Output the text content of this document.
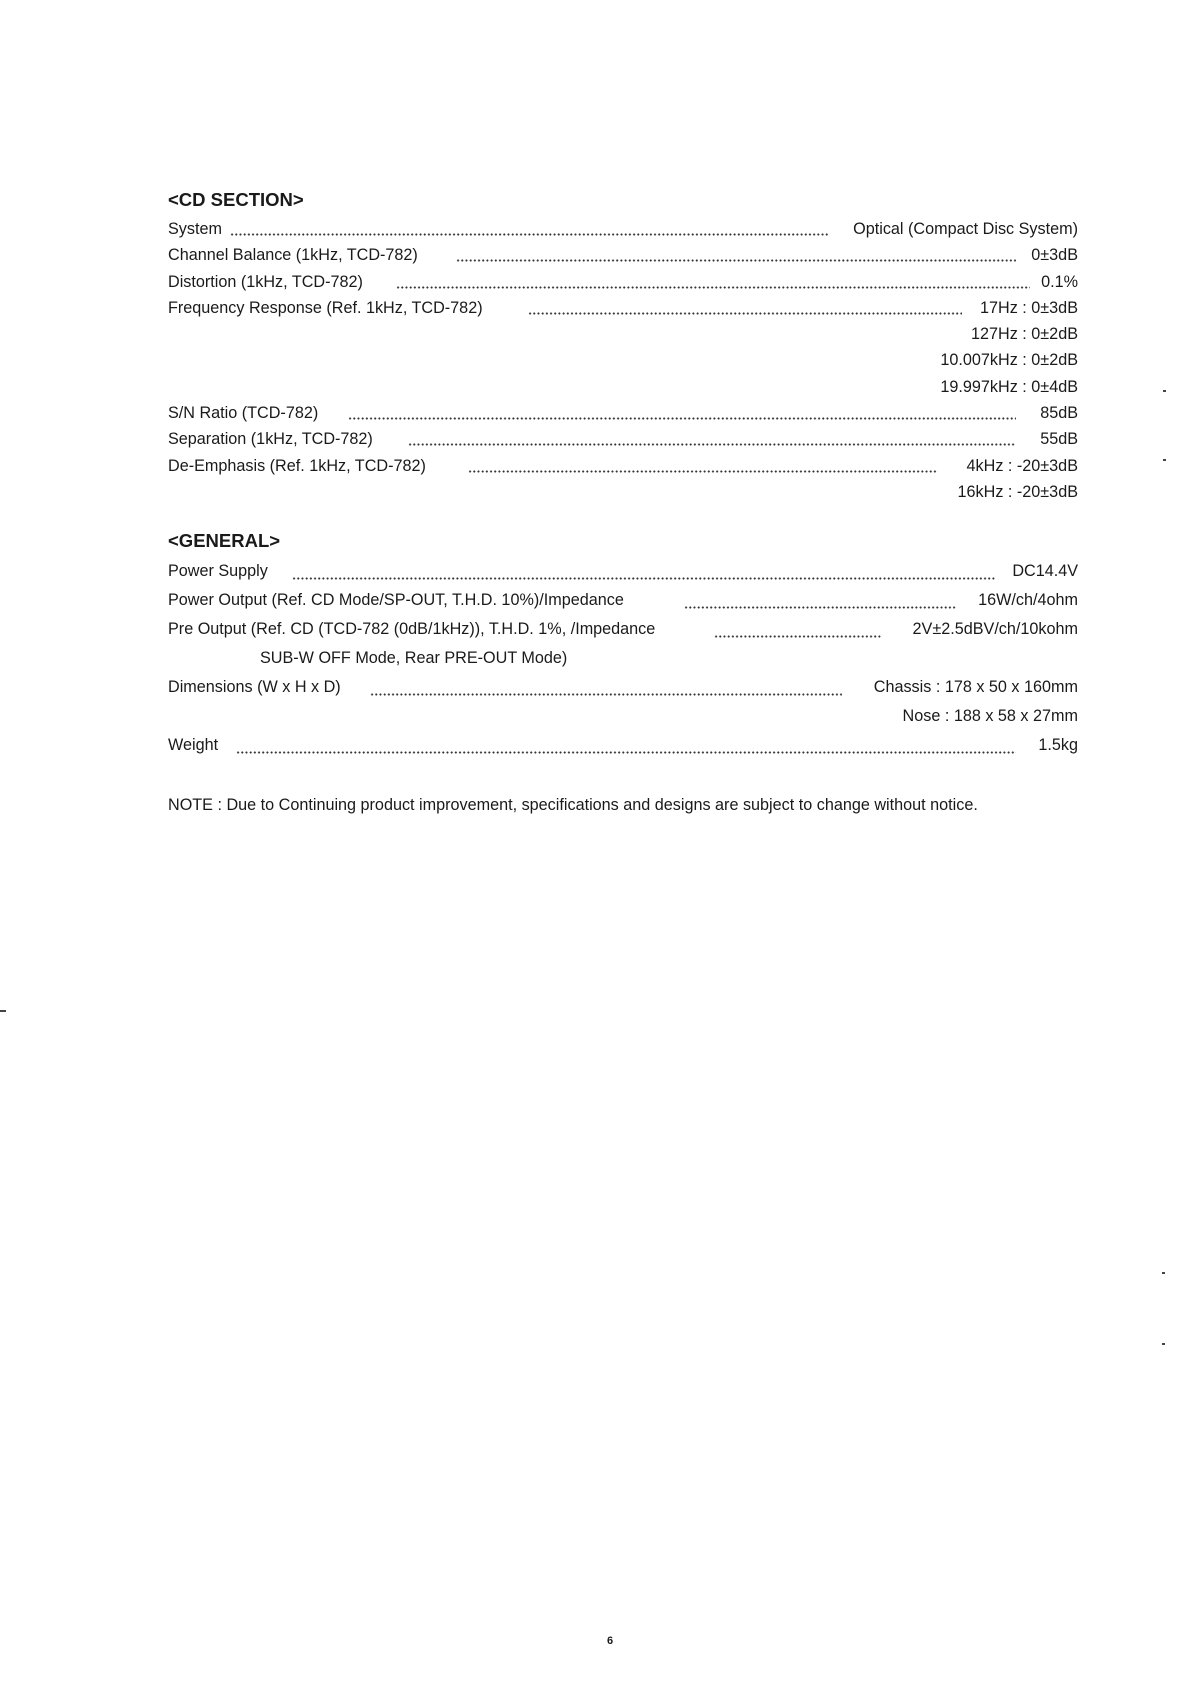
<CD SECTION>
System	Optical (Compact Disc System)
Channel Balance (1kHz, TCD-782)	0±3dB
Distortion (1kHz, TCD-782)	0.1%
Frequency Response (Ref. 1kHz, TCD-782)	17Hz : 0±3dB
127Hz : 0±2dB
10.007kHz : 0±2dB
19.997kHz : 0±4dB
S/N Ratio (TCD-782)	85dB
Separation (1kHz, TCD-782)	55dB
De-Emphasis (Ref. 1kHz, TCD-782)	4kHz : -20±3dB
16kHz : -20±3dB
<GENERAL>
Power Supply	DC14.4V
Power Output (Ref. CD Mode/SP-OUT, T.H.D. 10%)/Impedance	16W/ch/4ohm
Pre Output (Ref. CD (TCD-782 (0dB/1kHz)), T.H.D. 1%, /Impedance	2V±2.5dBV/ch/10kohm
SUB-W OFF Mode, Rear PRE-OUT Mode)
Dimensions (W x H x D)	Chassis : 178 x 50 x 160mm
Nose : 188 x 58 x 27mm
Weight	1.5kg
NOTE : Due to Continuing product improvement, specifications and designs are subject to change without notice.
6
